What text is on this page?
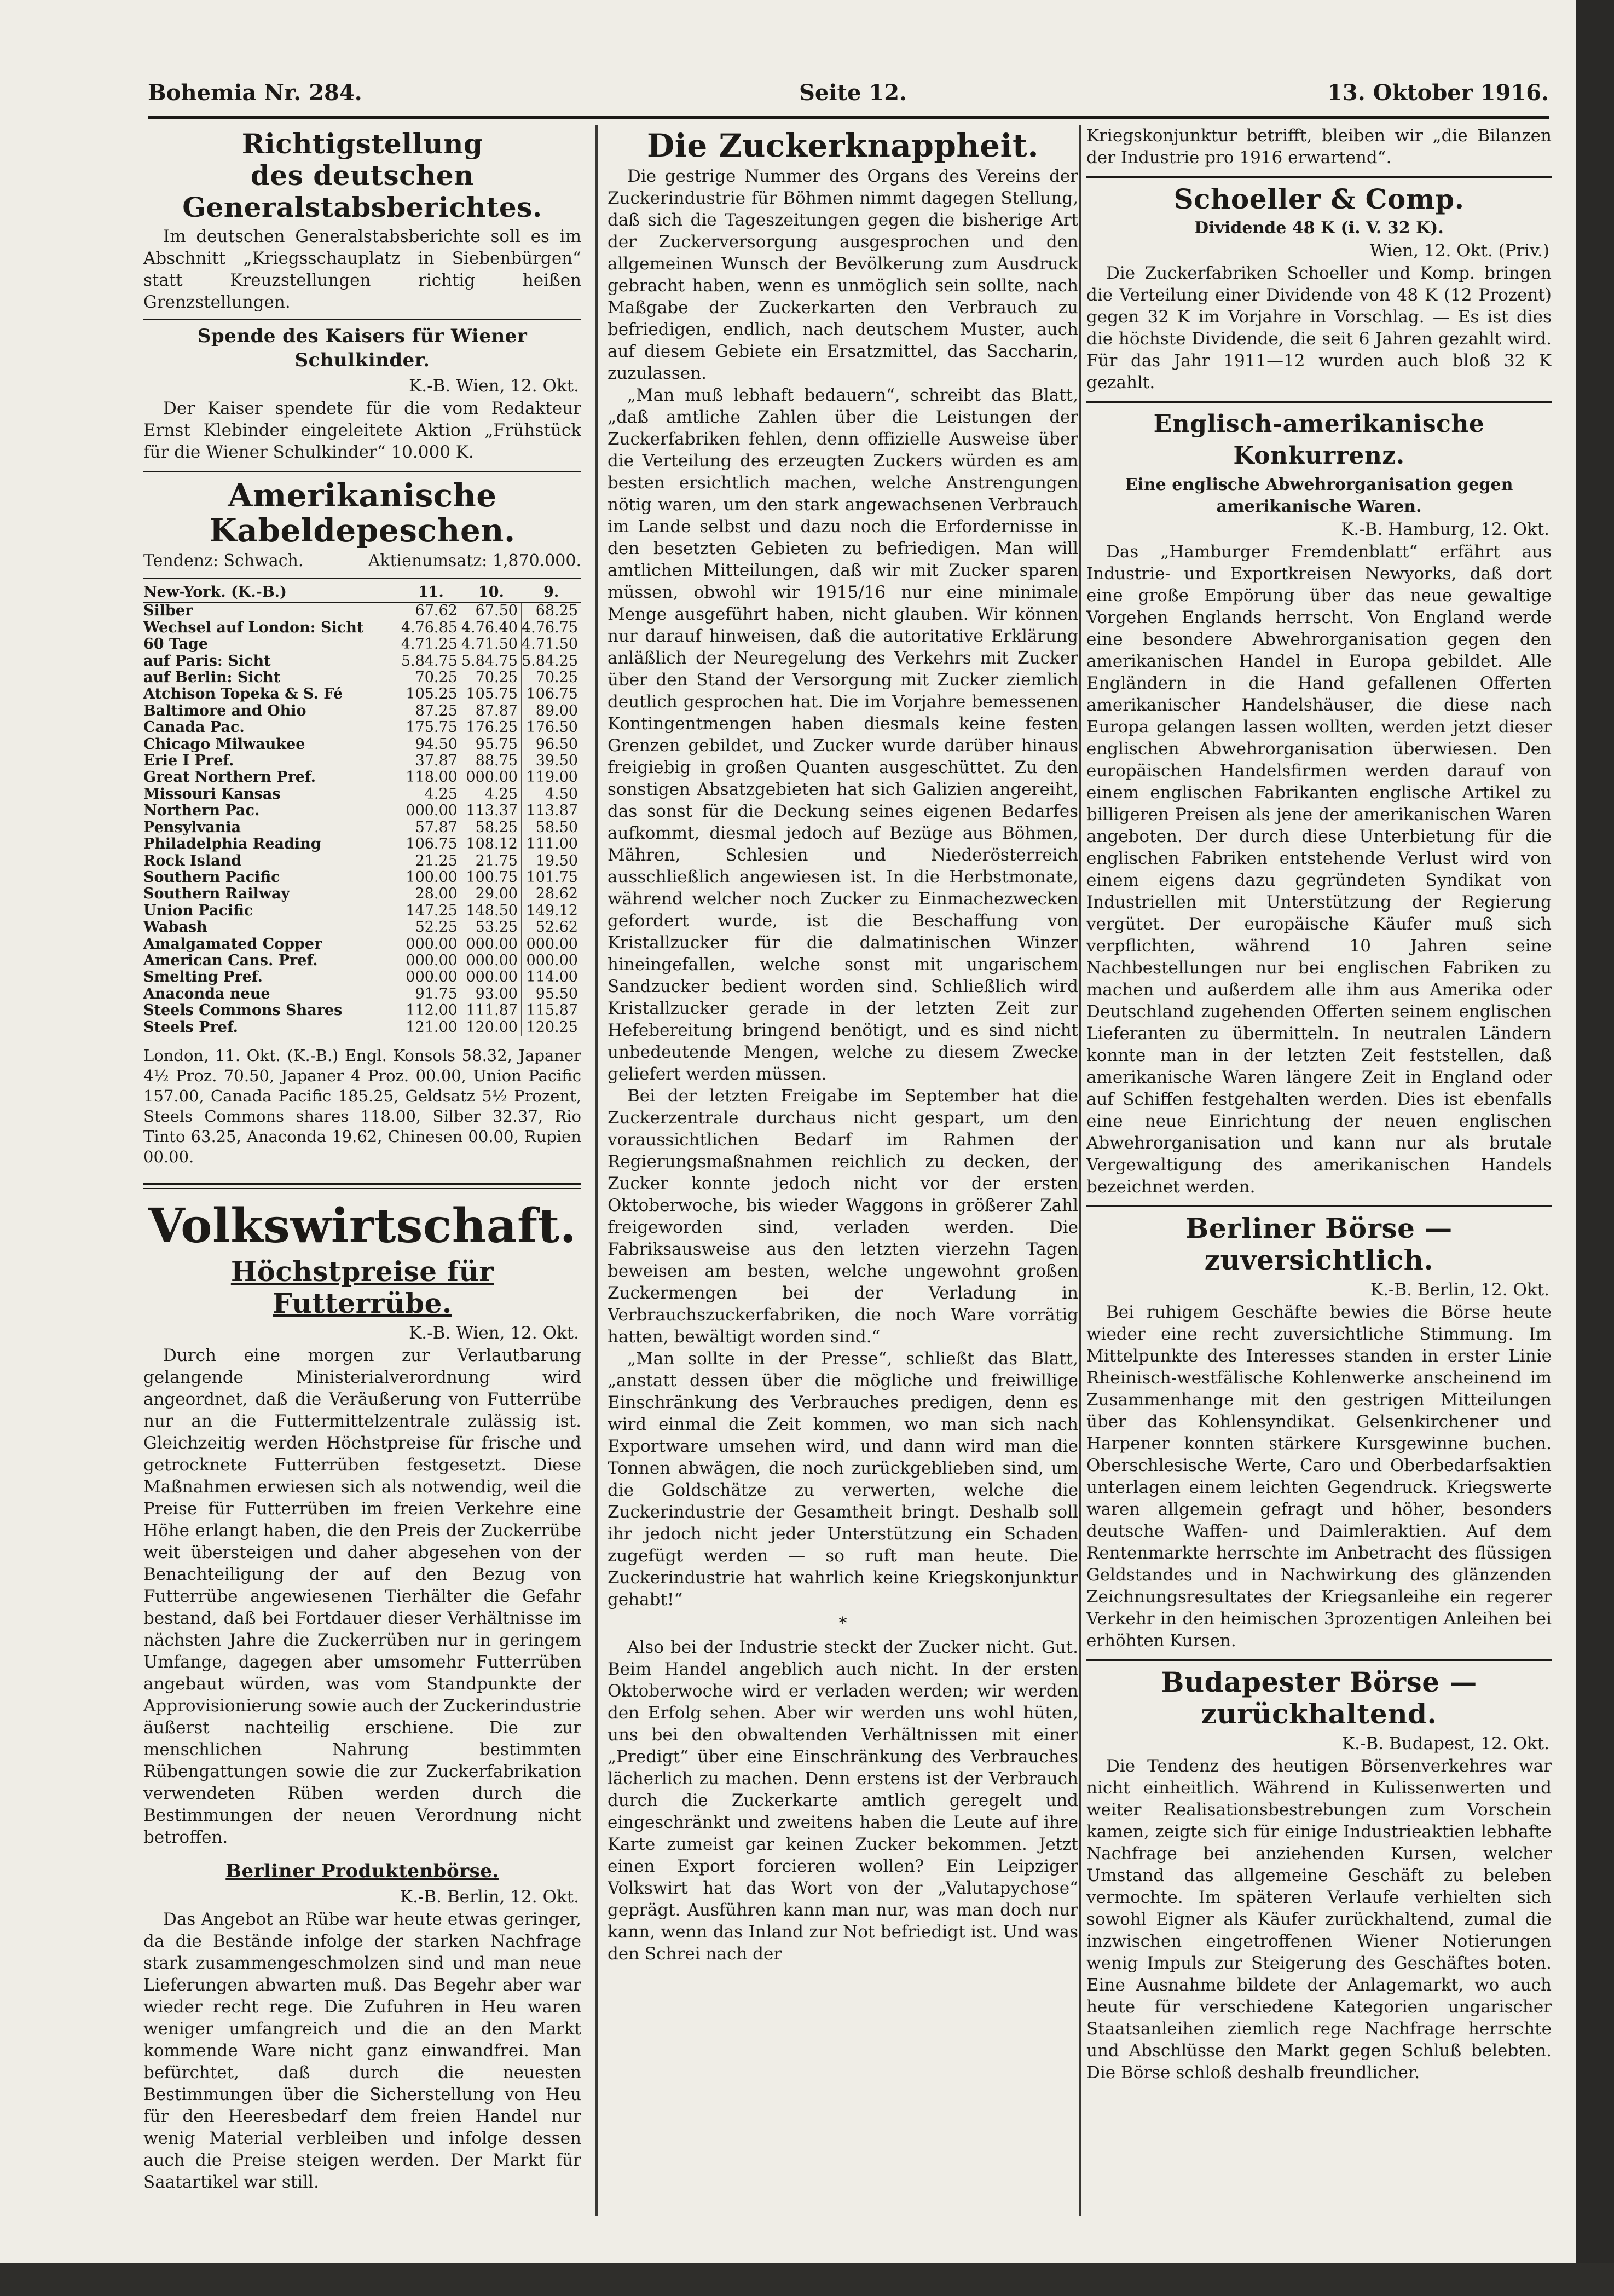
Bohemia Nr. 284.	Seite 12.	13. Oktober 1916.
Richtigstellung
des deutschen Generalstabsberichtes.

Im deutschen Generalstabsberichte soll es im Abschnitt „Kriegsschauplatz in Siebenbürgen“ statt Kreuzstellungen richtig heißen Grenzstellungen.

Spende des Kaisers für Wiener Schulkinder.

K.-B. Wien, 12. Okt.

Der Kaiser spendete für die vom Redakteur Ernst Klebinder eingeleitete Aktion „Frühstück für die Wiener Schulkinder“ 10.000 K.

Amerikanische Kabeldepeschen.
Tendenz: Schwach.	Aktienumsatz: 1,870.000.
New-York. (K.-B.)	11.	10.	9.
Silber	67.62	67.50	68.25
Wechsel auf London: Sicht	4.76.85	4.76.40	4.76.75
60 Tage	4.71.25	4.71.50	4.71.50
auf Paris: Sicht	5.84.75	5.84.75	5.84.25
auf Berlin: Sicht	70.25	70.25	70.25
Atchison Topeka & S. Fé	105.25	105.75	106.75
Baltimore and Ohio	87.25	87.87	89.00
Canada Pac.	175.75	176.25	176.50
Chicago Milwaukee	94.50	95.75	96.50
Erie I Pref.	37.87	88.75	39.50
Great Northern Pref.	118.00	000.00	119.00
Missouri Kansas	4.25	4.25	4.50
Northern Pac.	000.00	113.37	113.87
Pensylvania	57.87	58.25	58.50
Philadelphia Reading	106.75	108.12	111.00
Rock Island	21.25	21.75	19.50
Southern Pacific	100.00	100.75	101.75
Southern Railway	28.00	29.00	28.62
Union Pacific	147.25	148.50	149.12
Wabash	52.25	53.25	52.62
Amalgamated Copper	000.00	000.00	000.00
American Cans. Pref.	000.00	000.00	000.00
Smelting Pref.	000.00	000.00	114.00
Anaconda neue	91.75	93.00	95.50
Steels Commons Shares	112.00	111.87	115.87
Steels Pref.	121.00	120.00	120.25

London, 11. Okt. (K.-B.) Engl. Konsols 58.32, Japaner 4½ Proz. 70.50, Japaner 4 Proz. 00.00, Union Pacific 157.00, Canada Pacific 185.25, Geldsatz 5½ Prozent, Steels Commons shares 118.00, Silber 32.37, Rio Tinto 63.25, Anaconda 19.62, Chinesen 00.00, Rupien 00.00.

Volkswirtschaft.
Höchstpreise für Futterrübe.

K.-B. Wien, 12. Okt.

Durch eine morgen zur Verlautbarung gelangende Ministerialverordnung wird angeordnet, daß die Veräußerung von Futterrübe nur an die Futtermittelzentrale zulässig ist. Gleichzeitig werden Höchstpreise für frische und getrocknete Futterrüben festgesetzt. Diese Maßnahmen erwiesen sich als notwendig, weil die Preise für Futterrüben im freien Verkehre eine Höhe erlangt haben, die den Preis der Zuckerrübe weit übersteigen und daher abgesehen von der Benachteiligung der auf den Bezug von Futterrübe angewiesenen Tierhälter die Gefahr bestand, daß bei Fortdauer dieser Verhältnisse im nächsten Jahre die Zuckerrüben nur in geringem Umfange, dagegen aber umsomehr Futterrüben angebaut würden, was vom Standpunkte der Approvisionierung sowie auch der Zuckerindustrie äußerst nachteilig erschiene. Die zur menschlichen Nahrung bestimmten Rübengattungen sowie die zur Zuckerfabrikation verwendeten Rüben werden durch die Bestimmungen der neuen Verordnung nicht betroffen.

Berliner Produktenbörse.

K.-B. Berlin, 12. Okt.

Das Angebot an Rübe war heute etwas geringer, da die Bestände infolge der starken Nachfrage stark zusammengeschmolzen sind und man neue Lieferungen abwarten muß. Das Begehr aber war wieder recht rege. Die Zufuhren in Heu waren weniger umfangreich und die an den Markt kommende Ware nicht ganz einwandfrei. Man befürchtet, daß durch die neuesten Bestimmungen über die Sicherstellung von Heu für den Heeresbedarf dem freien Handel nur wenig Material verbleiben und infolge dessen auch die Preise steigen werden. Der Markt für Saatartikel war still.

Die Zuckerknappheit.

Die gestrige Nummer des Organs des Vereins der Zuckerindustrie für Böhmen nimmt dagegen Stellung, daß sich die Tageszeitungen gegen die bisherige Art der Zuckerversorgung ausgesprochen und den allgemeinen Wunsch der Bevölkerung zum Ausdruck gebracht haben, wenn es unmöglich sein sollte, nach Maßgabe der Zuckerkarten den Verbrauch zu befriedigen, endlich, nach deutschem Muster, auch auf diesem Gebiete ein Ersatzmittel, das Saccharin, zuzulassen.

„Man muß lebhaft bedauern“, schreibt das Blatt, „daß amtliche Zahlen über die Leistungen der Zuckerfabriken fehlen, denn offizielle Ausweise über die Verteilung des erzeugten Zuckers würden es am besten ersichtlich machen, welche Anstrengungen nötig waren, um den stark angewachsenen Verbrauch im Lande selbst und dazu noch die Erfordernisse in den besetzten Gebieten zu befriedigen. Man will amtlichen Mitteilungen, daß wir mit Zucker sparen müssen, obwohl wir 1915/16 nur eine minimale Menge ausgeführt haben, nicht glauben. Wir können nur darauf hinweisen, daß die autoritative Erklärung anläßlich der Neuregelung des Verkehrs mit Zucker über den Stand der Versorgung mit Zucker ziemlich deutlich gesprochen hat. Die im Vorjahre bemessenen Kontingentmengen haben diesmals keine festen Grenzen gebildet, und Zucker wurde darüber hinaus freigiebig in großen Quanten ausgeschüttet. Zu den sonstigen Absatzgebieten hat sich Galizien angereiht, das sonst für die Deckung seines eigenen Bedarfes aufkommt, diesmal jedoch auf Bezüge aus Böhmen, Mähren, Schlesien und Niederösterreich ausschließlich angewiesen ist. In die Herbstmonate, während welcher noch Zucker zu Einmachezwecken gefordert wurde, ist die Beschaffung von Kristallzucker für die dalmatinischen Winzer hineingefallen, welche sonst mit ungarischem Sandzucker bedient worden sind. Schließlich wird Kristallzucker gerade in der letzten Zeit zur Hefebereitung bringend benötigt, und es sind nicht unbedeutende Mengen, welche zu diesem Zwecke geliefert werden müssen.

Bei der letzten Freigabe im September hat die Zuckerzentrale durchaus nicht gespart, um den voraussichtlichen Bedarf im Rahmen der Regierungsmaßnahmen reichlich zu decken, der Zucker konnte jedoch nicht vor der ersten Oktoberwoche, bis wieder Waggons in größerer Zahl freigeworden sind, verladen werden. Die Fabriksausweise aus den letzten vierzehn Tagen beweisen am besten, welche ungewohnt großen Zuckermengen bei der Verladung in Verbrauchszuckerfabriken, die noch Ware vorrätig hatten, bewältigt worden sind.“

„Man sollte in der Presse“, schließt das Blatt, „anstatt dessen über die mögliche und freiwillige Einschränkung des Verbrauches predigen, denn es wird einmal die Zeit kommen, wo man sich nach Exportware umsehen wird, und dann wird man die Tonnen abwägen, die noch zurückgeblieben sind, um die Goldschätze zu verwerten, welche die Zuckerindustrie der Gesamtheit bringt. Deshalb soll ihr jedoch nicht jeder Unterstützung ein Schaden zugefügt werden — so ruft man heute. Die Zuckerindustrie hat wahrlich keine Kriegskonjunktur gehabt!“

*

Also bei der Industrie steckt der Zucker nicht. Gut. Beim Handel angeblich auch nicht. In der ersten Oktoberwoche wird er verladen werden; wir werden den Erfolg sehen. Aber wir werden uns wohl hüten, uns bei den obwaltenden Verhältnissen mit einer „Predigt“ über eine Einschränkung des Verbrauches lächerlich zu machen. Denn erstens ist der Verbrauch durch die Zuckerkarte amtlich geregelt und eingeschränkt und zweitens haben die Leute auf ihre Karte zumeist gar keinen Zucker bekommen. Jetzt einen Export forcieren wollen? Ein Leipziger Volkswirt hat das Wort von der „Valutapychose“ geprägt. Ausführen kann man nur, was man doch nur kann, wenn das Inland zur Not befriedigt ist. Und was den Schrei nach der

Kriegskonjunktur betrifft, bleiben wir „die Bilanzen der Industrie pro 1916 erwartend“.

Schoeller & Comp.

Dividende 48 K (i. V. 32 K).

Wien, 12. Okt. (Priv.)

Die Zuckerfabriken Schoeller und Komp. bringen die Verteilung einer Dividende von 48 K (12 Prozent) gegen 32 K im Vorjahre in Vorschlag. — Es ist dies die höchste Dividende, die seit 6 Jahren gezahlt wird. Für das Jahr 1911—12 wurden auch bloß 32 K gezahlt.

Englisch-amerikanische Konkurrenz.

Eine englische Abwehrorganisation gegen amerikanische Waren.

K.-B. Hamburg, 12. Okt.

Das „Hamburger Fremdenblatt“ erfährt aus Industrie- und Exportkreisen Newyorks, daß dort eine große Empörung über das neue gewaltige Vorgehen Englands herrscht. Von England werde eine besondere Abwehrorganisation gegen den amerikanischen Handel in Europa gebildet. Alle Engländern in die Hand gefallenen Offerten amerikanischer Handelshäuser, die diese nach Europa gelangen lassen wollten, werden jetzt dieser englischen Abwehrorganisation überwiesen. Den europäischen Handelsfirmen werden darauf von einem englischen Fabrikanten englische Artikel zu billigeren Preisen als jene der amerikanischen Waren angeboten. Der durch diese Unterbietung für die englischen Fabriken entstehende Verlust wird von einem eigens dazu gegründeten Syndikat von Industriellen mit Unterstützung der Regierung vergütet. Der europäische Käufer muß sich verpflichten, während 10 Jahren seine Nachbestellungen nur bei englischen Fabriken zu machen und außerdem alle ihm aus Amerika oder Deutschland zugehenden Offerten seinem englischen Lieferanten zu übermitteln. In neutralen Ländern konnte man in der letzten Zeit feststellen, daß amerikanische Waren längere Zeit in England oder auf Schiffen festgehalten werden. Dies ist ebenfalls eine neue Einrichtung der neuen englischen Abwehrorganisation und kann nur als brutale Vergewaltigung des amerikanischen Handels bezeichnet werden.

Berliner Börse — zuversichtlich.

K.-B. Berlin, 12. Okt.

Bei ruhigem Geschäfte bewies die Börse heute wieder eine recht zuversichtliche Stimmung. Im Mittelpunkte des Interesses standen in erster Linie Rheinisch-westfälische Kohlenwerke anscheinend im Zusammenhange mit den gestrigen Mitteilungen über das Kohlensyndikat. Gelsenkirchener und Harpener konnten stärkere Kursgewinne buchen. Oberschlesische Werte, Caro und Oberbedarfsaktien unterlagen einem leichten Gegendruck. Kriegswerte waren allgemein gefragt und höher, besonders deutsche Waffen- und Daimleraktien. Auf dem Rentenmarkte herrschte im Anbetracht des flüssigen Geldstandes und in Nachwirkung des glänzenden Zeichnungsresultates der Kriegsanleihe ein regerer Verkehr in den heimischen 3prozentigen Anleihen bei erhöhten Kursen.

Budapester Börse — zurückhaltend.

K.-B. Budapest, 12. Okt.

Die Tendenz des heutigen Börsenverkehres war nicht einheitlich. Während in Kulissenwerten und weiter Realisationsbestrebungen zum Vorschein kamen, zeigte sich für einige Industrieaktien lebhafte Nachfrage bei anziehenden Kursen, welcher Umstand das allgemeine Geschäft zu beleben vermochte. Im späteren Verlaufe verhielten sich sowohl Eigner als Käufer zurückhaltend, zumal die inzwischen eingetroffenen Wiener Notierungen wenig Impuls zur Steigerung des Geschäftes boten. Eine Ausnahme bildete der Anlagemarkt, wo auch heute für verschiedene Kategorien ungarischer Staatsanleihen ziemlich rege Nachfrage herrschte und Abschlüsse den Markt gegen Schluß belebten. Die Börse schloß deshalb freundlicher.
